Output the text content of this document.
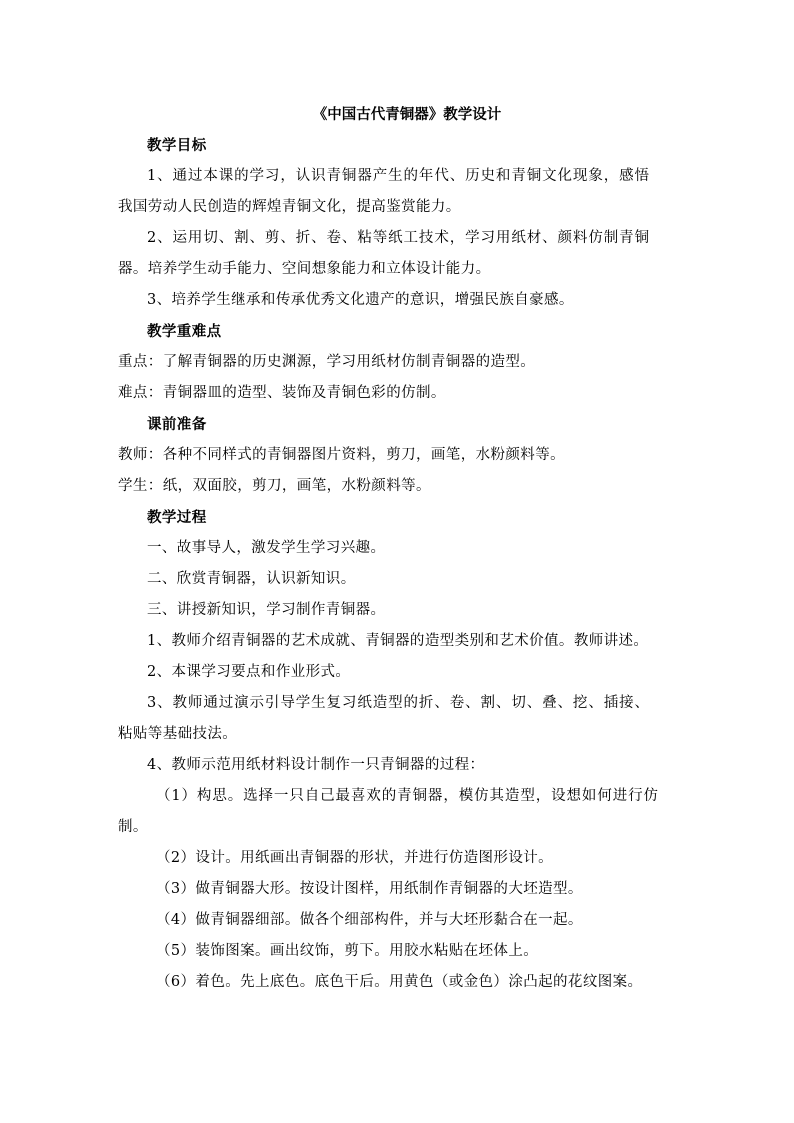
《中国古代青铜器》教学设计

教学目标

1、通过本课的学习，认识青铜器产生的年代、历史和青铜文化现象，感悟

我国劳动人民创造的辉煌青铜文化，提高鉴赏能力。

2、运用切、割、剪、折、卷、粘等纸工技术，学习用纸材、颜料仿制青铜

器。培养学生动手能力、空间想象能力和立体设计能力。

3、培养学生继承和传承优秀文化遗产的意识，增强民族自豪感。

教学重难点

重点：了解青铜器的历史渊源，学习用纸材仿制青铜器的造型。

难点：青铜器皿的造型、装饰及青铜色彩的仿制。

课前准备

教师：各种不同样式的青铜器图片资料，剪刀，画笔，水粉颜料等。

学生：纸，双面胶，剪刀，画笔，水粉颜料等。

教学过程

一、故事导人，激发学生学习兴趣。

二、欣赏青铜器，认识新知识。

三、讲授新知识，学习制作青铜器。

1、教师介绍青铜器的艺术成就、青铜器的造型类别和艺术价值。教师讲述。

2、本课学习要点和作业形式。

3、教师通过演示引导学生复习纸造型的折、卷、割、切、叠、挖、插接、

粘贴等基础技法。

4、教师示范用纸材料设计制作一只青铜器的过程：

（1）构思。选择一只自己最喜欢的青铜器，模仿其造型，设想如何进行仿

制。

（2）设计。用纸画出青铜器的形状，并进行仿造图形设计。

（3）做青铜器大形。按设计图样，用纸制作青铜器的大坯造型。

（4）做青铜器细部。做各个细部构件，并与大坯形黏合在一起。

（5）装饰图案。画出纹饰，剪下。用胶水粘贴在坯体上。

（6）着色。先上底色。底色干后。用黄色（或金色）涂凸起的花纹图案。
